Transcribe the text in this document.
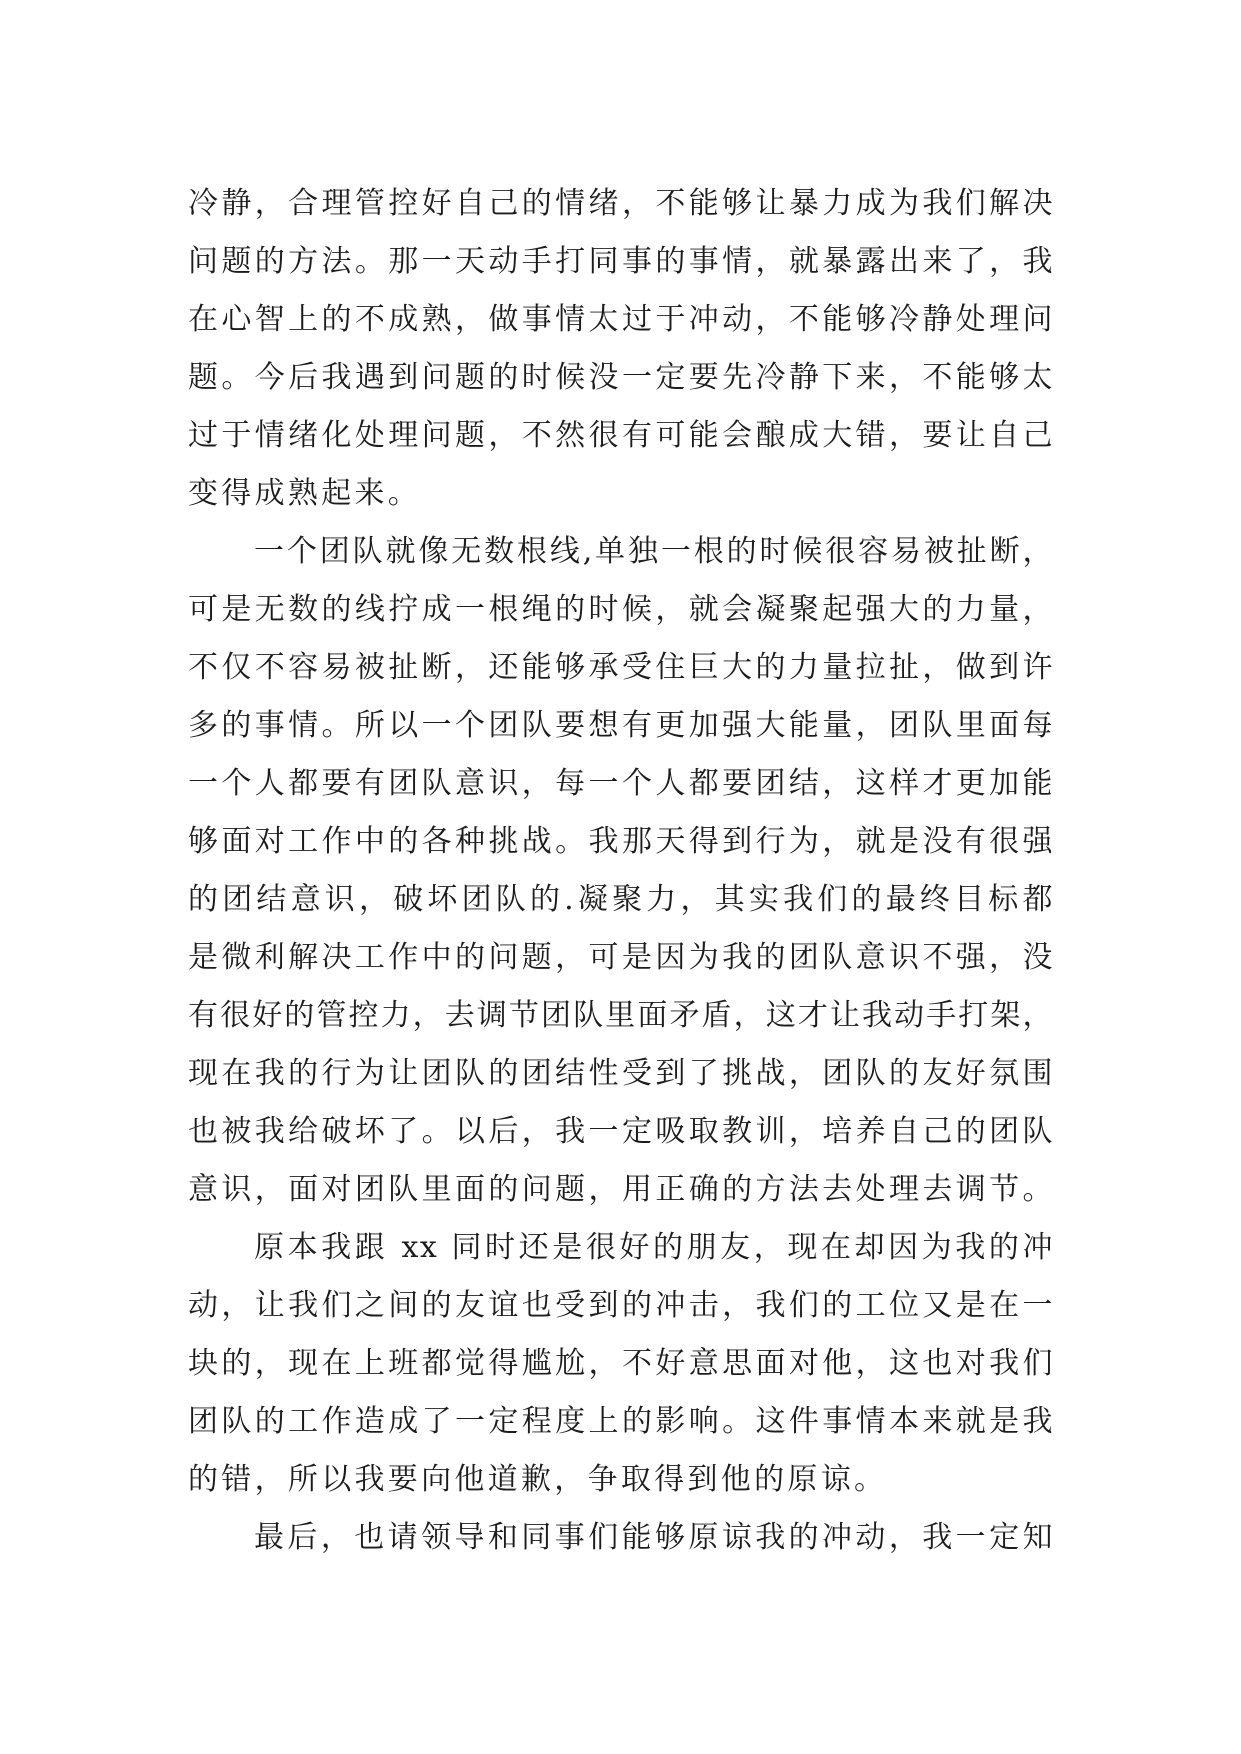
冷静，合理管控好自己的情绪，不能够让暴力成为我们解决
问题的方法。那一天动手打同事的事情，就暴露出来了，我
在心智上的不成熟，做事情太过于冲动，不能够冷静处理问
题。今后我遇到问题的时候没一定要先冷静下来，不能够太
过于情绪化处理问题，不然很有可能会酿成大错，要让自己
变得成熟起来。
一个团队就像无数根线,单独一根的时候很容易被扯断，
可是无数的线拧成一根绳的时候，就会凝聚起强大的力量，
不仅不容易被扯断，还能够承受住巨大的力量拉扯，做到许
多的事情。所以一个团队要想有更加强大能量，团队里面每
一个人都要有团队意识，每一个人都要团结，这样才更加能
够面对工作中的各种挑战。我那天得到行为，就是没有很强
的团结意识，破坏团队的.凝聚力，其实我们的最终目标都
是微利解决工作中的问题，可是因为我的团队意识不强，没
有很好的管控力，去调节团队里面矛盾，这才让我动手打架，
现在我的行为让团队的团结性受到了挑战，团队的友好氛围
也被我给破坏了。以后，我一定吸取教训，培养自己的团队
意识，面对团队里面的问题，用正确的方法去处理去调节。
原本我跟 xx 同时还是很好的朋友，现在却因为我的冲
动，让我们之间的友谊也受到的冲击，我们的工位又是在一
块的，现在上班都觉得尴尬，不好意思面对他，这也对我们
团队的工作造成了一定程度上的影响。这件事情本来就是我
的错，所以我要向他道歉，争取得到他的原谅。
最后，也请领导和同事们能够原谅我的冲动，我一定知
